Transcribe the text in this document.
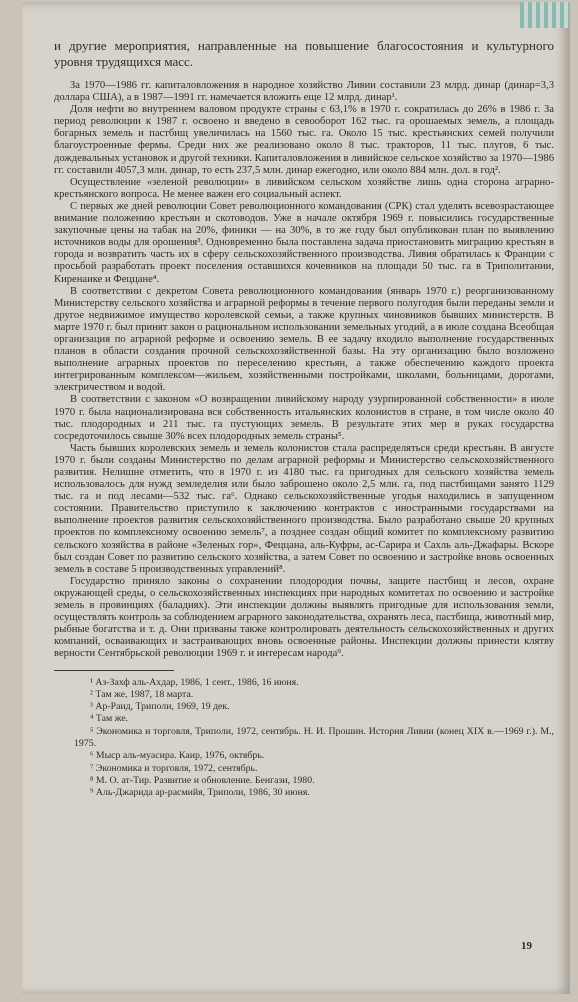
и другие мероприятия, направленные на повышение благосостояния и культурного уровня трудящихся масс.

За 1970—1986 гг. капиталовложения в народное хозяйство Ливии составили 23 млрд. динар (динар=3,3 доллара США), а в 1987—1991 гг. намечается вложить еще 12 млрд. динар¹.

Доля нефти во внутреннем валовом продукте страны с 63,1% в 1970 г. сократилась до 26% в 1986 г. За период революции к 1987 г. освоено и введено в севооборот 162 тыс. га орошаемых земель, а площадь богарных земель и пастбищ увеличилась на 1560 тыс. га. Около 15 тыс. крестьянских семей получили благоустроенные фермы. Среди них же реализовано около 8 тыс. тракторов, 11 тыс. плугов, 6 тыс. дождевальных установок и другой техники. Капиталовложения в ливийское сельское хозяйство за 1970—1986 гг. составили 4057,3 млн. динар, то есть 237,5 млн. динар ежегодно, или около 884 млн. дол. в год².

Осуществление «зеленой революции» в ливийском сельском хозяйстве лишь одна сторона аграрно-крестьянского вопроса. Не менее важен его социальный аспект.

С первых же дней революции Совет революционного командования (СРК) стал уделять всевозрастающее внимание положению крестьян и скотоводов. Уже в начале октября 1969 г. повысились государственные закупочные цены на табак на 20%, финики — на 30%, в то же году был опубликован план по выявлению источников воды для орошения³. Одновременно была поставлена задача приостановить миграцию крестьян в города и возвратить часть их в сферу сельскохозяйственного производства. Ливия обратилась к Франции с просьбой разработать проект поселения оставшихся кочевников на площади 50 тыс. га в Триполитании, Киренаике и Феццане⁴.

В соответствии с декретом Совета революционного командования (январь 1970 г.) реорганизованному Министерству сельского хозяйства и аграрной реформы в течение первого полугодия были переданы земли и другое недвижимое имущество королевской семьи, а также крупных чиновников бывших министерств. В марте 1970 г. был принят закон о рациональном использовании земельных угодий, а в июле создана Всеобщая организация по аграрной реформе и освоению земель. В ее задачу входило выполнение государственных планов в области создания прочной сельскохозяйственной базы. На эту организацию было возложено выполнение аграрных проектов по переселению крестьян, а также обеспечению каждого проекта интегрированным комплексом—жильем, хозяйственными постройками, школами, больницами, дорогами, электричеством и водой.

В соответствии с законом «О возвращении ливийскому народу узурпированной собственности» в июле 1970 г. была национализирована вся собственность итальянских колонистов в стране, в том числе около 40 тыс. плодородных и 211 тыс. га пустующих земель. В результате этих мер в руках государства сосредоточилось свыше 30% всех плодородных земель страны⁵.

Часть бывших королевских земель и земель колонистов стала распределяться среди крестьян. В августе 1970 г. были созданы Министерство по делам аграрной реформы и Министерство сельскохозяйственного развития. Нелишне отметить, что в 1970 г. из 4180 тыс. га пригодных для сельского хозяйства земель использовалось для нужд земледелия или было заброшено около 2,5 млн. га, под пастбищами занято 1129 тыс. га и под лесами—532 тыс. га⁶. Однако сельскохозяйственные угодья находились в запущенном состоянии. Правительство приступило к заключению контрактов с иностранными государствами на выполнение проектов развития сельскохозяйственного производства. Было разработано свыше 20 крупных проектов по комплексному освоению земель⁷, а позднее создан общий комитет по комплексному развитию сельского хозяйства в районе «Зеленых гор», Феццана, аль-Куфры, ас-Сарира и Сахль аль-Джафары. Вскоре был создан Совет по развитию сельского хозяйства, а затем Совет по освоению и застройке вновь освоенных земель в составе 5 производственных управлений⁸.

Государство приняло законы о сохранении плодородия почвы, защите пастбищ и лесов, охране окружающей среды, о сельскохозяйственных инспекциях при народных комитетах по освоению и застройке земель в провинциях (баладиях). Эти инспекции должны выявлять пригодные для использования земли, осуществлять контроль за соблюдением аграрного законодательства, охранять леса, пастбища, животный мир, рыбные богатства и т. д. Они призваны также контролировать деятельность сельскохозяйственных и других компаний, осваивающих и застраивающих вновь освоенные районы. Инспекции должны принести клятву верности Сентябрьской революции 1969 г. и интересам народа⁹.

¹ Аз-Захф аль-Ахдар, 1986, 1 сент., 1986, 16 июня.

² Там же, 1987, 18 марта.

³ Ар-Раид, Триполи, 1969, 19 дек.

⁴ Там же.

⁵ Экономика и торговля, Триполи, 1972, сентябрь. Н. И. Прошин. История Ливии (конец XIX в.—1969 г.). М., 1975.

⁶ Мыср аль-муасира. Каир, 1976, октябрь.

⁷ Экономика и торговля, 1972, сентябрь.

⁸ М. О. ат-Тир. Развитие и обновление. Бенгази, 1980.

⁹ Аль-Джарида ар-расмийя, Триполи, 1986, 30 июня.

19
